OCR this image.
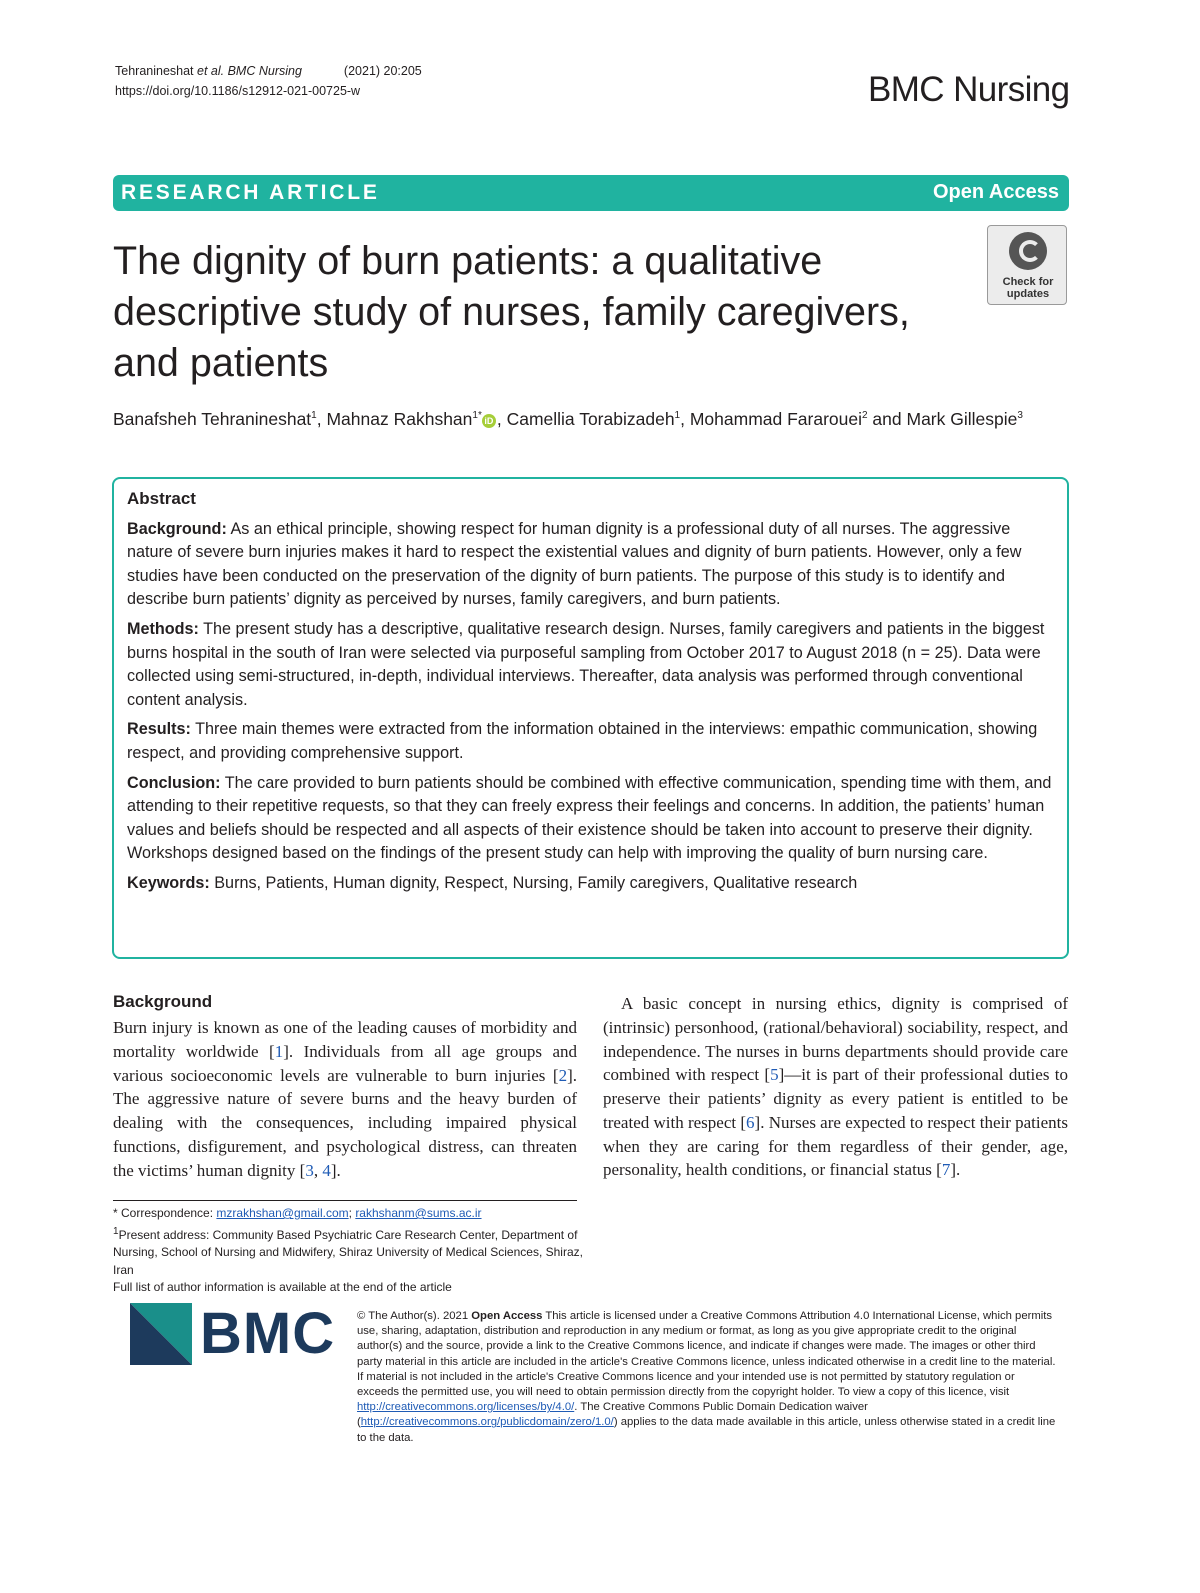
Tehranineshat et al. BMC Nursing	(2021) 20:205
https://doi.org/10.1186/s12912-021-00725-w	BMC Nursing
RESEARCH ARTICLE	Open Access
The dignity of burn patients: a qualitative descriptive study of nurses, family caregivers, and patients
Check for
updates
Banafsheh Tehranineshat$^1$, Mahnaz Rakhshan$^{1*}$ iD , Camellia Torabizadeh$^1$, Mohammad Fararouei$^2$ and Mark Gillespie$^3$
Abstract

Background: As an ethical principle, showing respect for human dignity is a professional duty of all nurses. The aggressive nature of severe burn injuries makes it hard to respect the existential values and dignity of burn patients. However, only a few studies have been conducted on the preservation of the dignity of burn patients. The purpose of this study is to identify and describe burn patients’ dignity as perceived by nurses, family caregivers, and burn patients.

Methods: The present study has a descriptive, qualitative research design. Nurses, family caregivers and patients in the biggest burns hospital in the south of Iran were selected via purposeful sampling from October 2017 to August 2018 (n = 25). Data were collected using semi-structured, in-depth, individual interviews. Thereafter, data analysis was performed through conventional content analysis.

Results: Three main themes were extracted from the information obtained in the interviews: empathic communication, showing respect, and providing comprehensive support.

Conclusion: The care provided to burn patients should be combined with effective communication, spending time with them, and attending to their repetitive requests, so that they can freely express their feelings and concerns. In addition, the patients’ human values and beliefs should be respected and all aspects of their existence should be taken into account to preserve their dignity. Workshops designed based on the findings of the present study can help with improving the quality of burn nursing care.

Keywords: Burns, Patients, Human dignity, Respect, Nursing, Family caregivers, Qualitative research

Background

Burn injury is known as one of the leading causes of morbidity and mortality worldwide [1]. Individuals from all age groups and various socioeconomic levels are vulnerable to burn injuries [2]. The aggressive nature of severe burns and the heavy burden of dealing with the consequences, including impaired physical functions, disfigurement, and psychological distress, can threaten the victims’ human dignity [3, 4].

A basic concept in nursing ethics, dignity is comprised of (intrinsic) personhood, (rational/behavioral) sociability, respect, and independence. The nurses in burns departments should provide care combined with respect [5]—it is part of their professional duties to preserve their patients’ dignity as every patient is entitled to be treated with respect [6]. Nurses are expected to respect their patients when they are caring for them regardless of their gender, age, personality, health conditions, or financial status [7].

* Correspondence: mzrakhshan@gmail.com; rakhshanm@sums.ac.ir

$^1$Present address: Community Based Psychiatric Care Research Center, Department of Nursing, School of Nursing and Midwifery, Shiraz University of Medical Sciences, Shiraz, Iran

Full list of author information is available at the end of the article

BMC © The Author(s). 2021 Open Access This article is licensed under a Creative Commons Attribution 4.0 International License, which permits use, sharing, adaptation, distribution and reproduction in any medium or format, as long as you give appropriate credit to the original author(s) and the source, provide a link to the Creative Commons licence, and indicate if changes were made. The images or other third party material in this article are included in the article's Creative Commons licence, unless indicated otherwise in a credit line to the material. If material is not included in the article's Creative Commons licence and your intended use is not permitted by statutory regulation or exceeds the permitted use, you will need to obtain permission directly from the copyright holder. To view a copy of this licence, visit http://creativecommons.org/licenses/by/4.0/. The Creative Commons Public Domain Dedication waiver (http://creativecommons.org/publicdomain/zero/1.0/) applies to the data made available in this article, unless otherwise stated in a credit line to the data.
